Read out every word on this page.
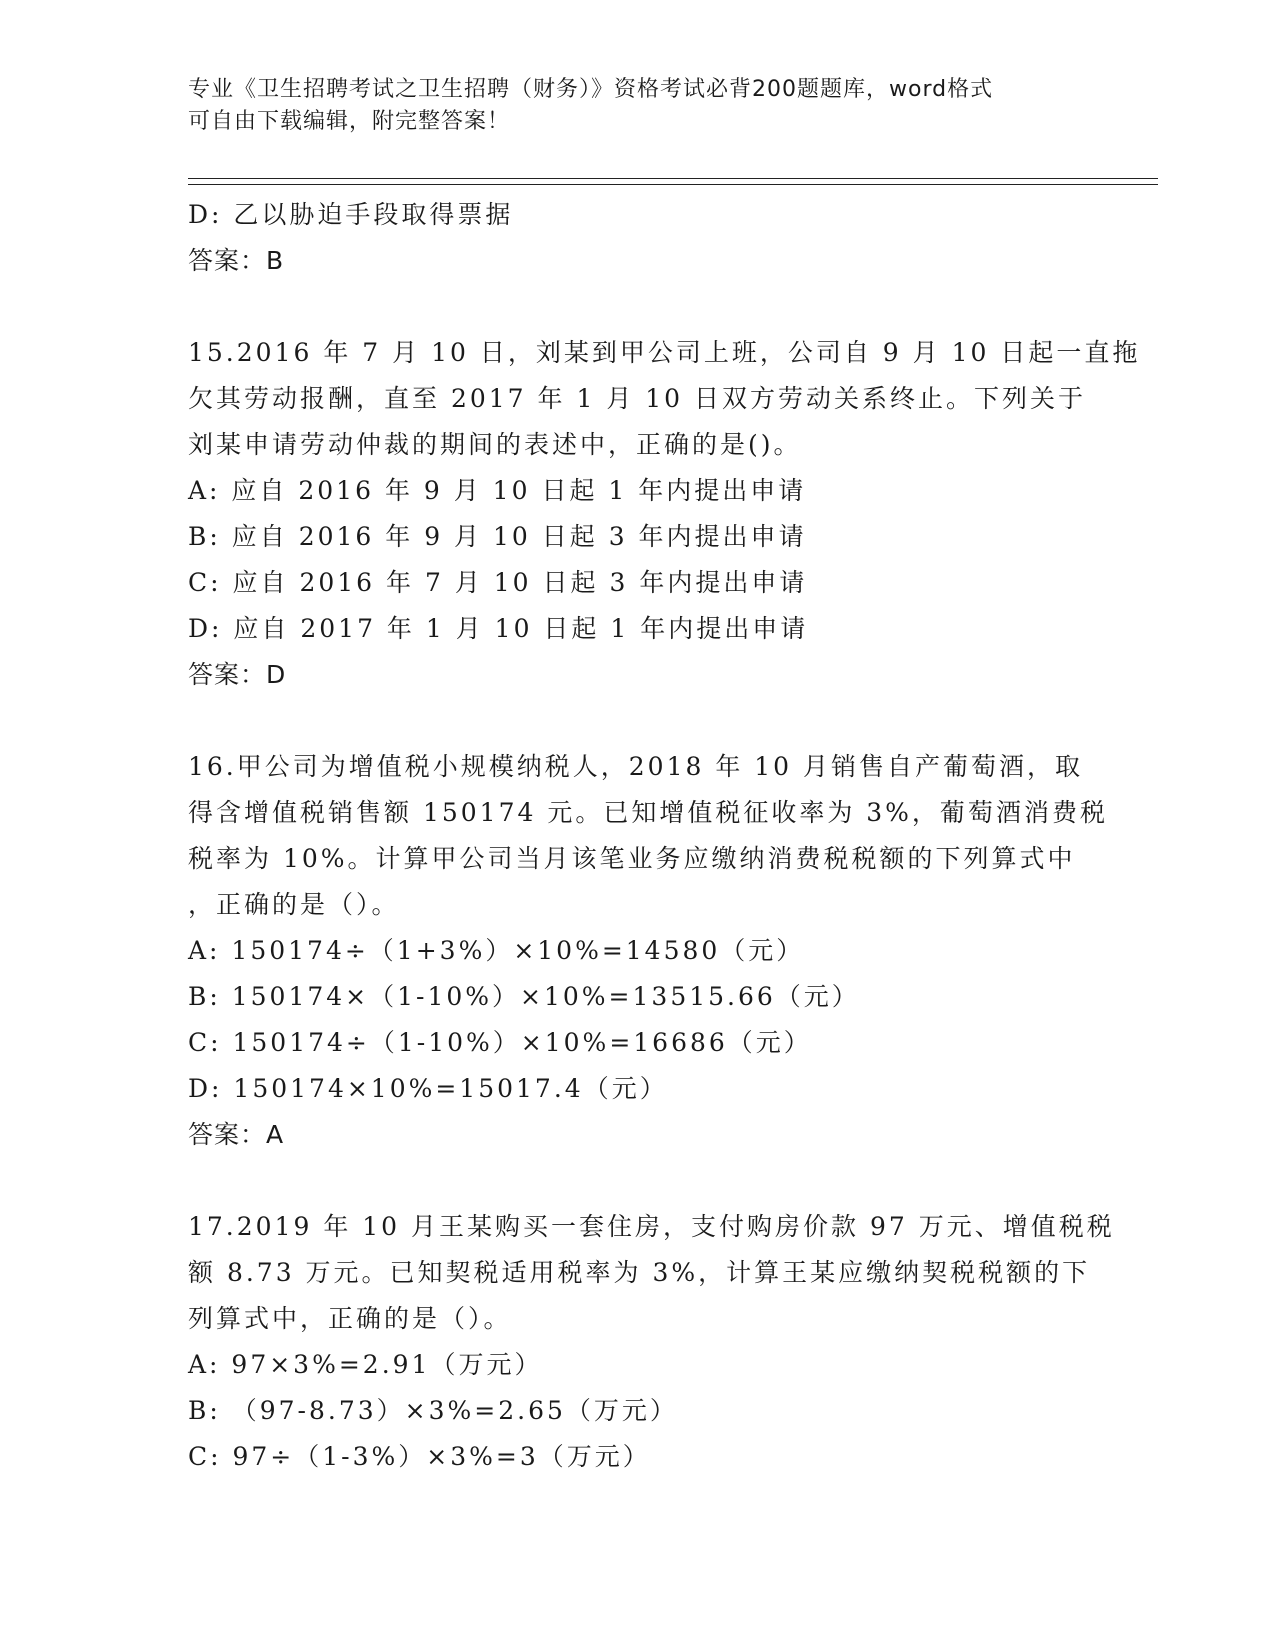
专业《卫生招聘考试之卫生招聘（财务）》资格考试必背200题题库，word格式
可自由下载编辑，附完整答案！
D: 乙以胁迫手段取得票据
答案：B
15.2016 年 7 月 10 日，刘某到甲公司上班，公司自 9 月 10 日起一直拖
欠其劳动报酬，直至 2017 年 1 月 10 日双方劳动关系终止。下列关于
刘某申请劳动仲裁的期间的表述中，正确的是()。
A: 应自 2016 年 9 月 10 日起 1 年内提出申请
B: 应自 2016 年 9 月 10 日起 3 年内提出申请
C: 应自 2016 年 7 月 10 日起 3 年内提出申请
D: 应自 2017 年 1 月 10 日起 1 年内提出申请
答案：D
16.甲公司为增值税小规模纳税人，2018 年 10 月销售自产葡萄酒，取
得含增值税销售额 150174 元。已知增值税征收率为 3%，葡萄酒消费税
税率为 10%。计算甲公司当月该笔业务应缴纳消费税税额的下列算式中
，正确的是（）。
A: 150174÷（1+3%）×10%=14580（元）
B: 150174×（1-10%）×10%=13515.66（元）
C: 150174÷（1-10%）×10%=16686（元）
D: 150174×10%=15017.4（元）
答案：A
17.2019 年 10 月王某购买一套住房，支付购房价款 97 万元、增值税税
额 8.73 万元。已知契税适用税率为 3%，计算王某应缴纳契税税额的下
列算式中，正确的是（）。
A: 97×3%=2.91（万元）
B: （97-8.73）×3%=2.65（万元）
C: 97÷（1-3%）×3%=3（万元）
